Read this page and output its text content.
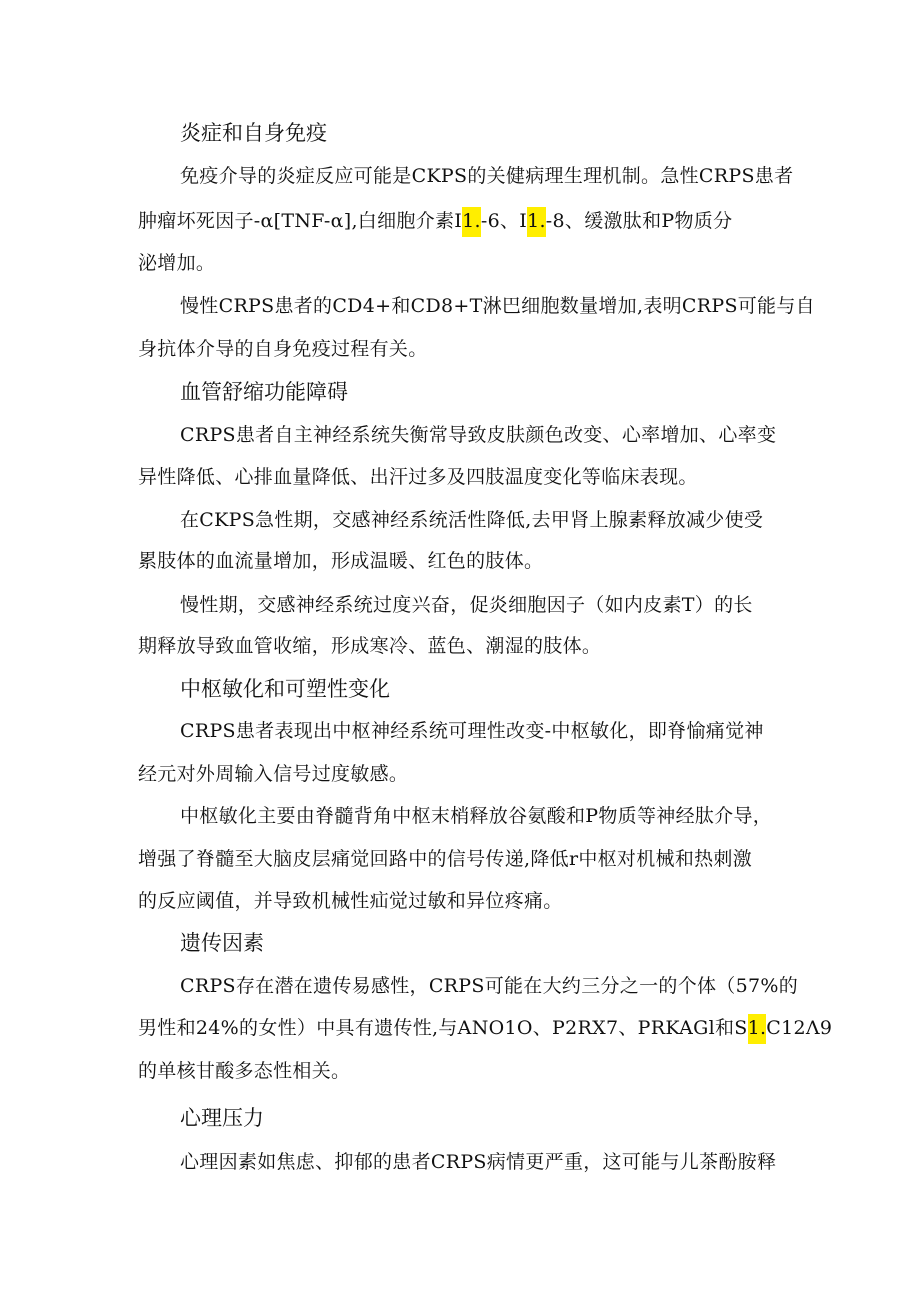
炎症和自身免疫
免疫介导的炎症反应可能是CKPS的关健病理生理机制。急性CRPS患者
肿瘤坏死因子-α[TNF-α],白细胞介素I1.-6、I1.-8、缓激肽和P物质分
泌增加。
慢性CRPS患者的CD4+和CD8+T淋巴细胞数量增加,表明CRPS可能与自
身抗体介导的自身免疫过程有关。
血管舒缩功能障碍
CRPS患者自主神经系统失衡常导致皮肤颜色改变、心率增加、心率变
异性降低、心排血量降低、出汗过多及四肢温度变化等临床表现。
在CKPS急性期，交感神经系统活性降低,去甲肾上腺素释放减少使受
累肢体的血流量增加，形成温暖、红色的肢体。
慢性期，交感神经系统过度兴奋，促炎细胞因子（如内皮素T）的长
期释放导致血管收缩，形成寒冷、蓝色、潮湿的肢体。
中枢敏化和可塑性变化
CRPS患者表现出中枢神经系统可理性改变-中枢敏化，即脊愉痛觉神
经元对外周输入信号过度敏感。
中枢敏化主要由脊髓背角中枢末梢释放谷氨酸和P物质等神经肽介导，
增强了脊髓至大脑皮层痛觉回路中的信号传递,降低r中枢对机械和热刺激
的反应阈值，并导致机械性疝觉过敏和异位疼痛。
遗传因素
CRPS存在潜在遗传易感性，CRPS可能在大约三分之一的个体（57%的
男性和24%的女性）中具有遗传性,与ANO1O、P2RX7、PRKAGl和S1.C12Λ9
的单核甘酸多态性相关。
心理压力
心理因素如焦虑、抑郁的患者CRPS病情更严重，这可能与儿茶酚胺释
